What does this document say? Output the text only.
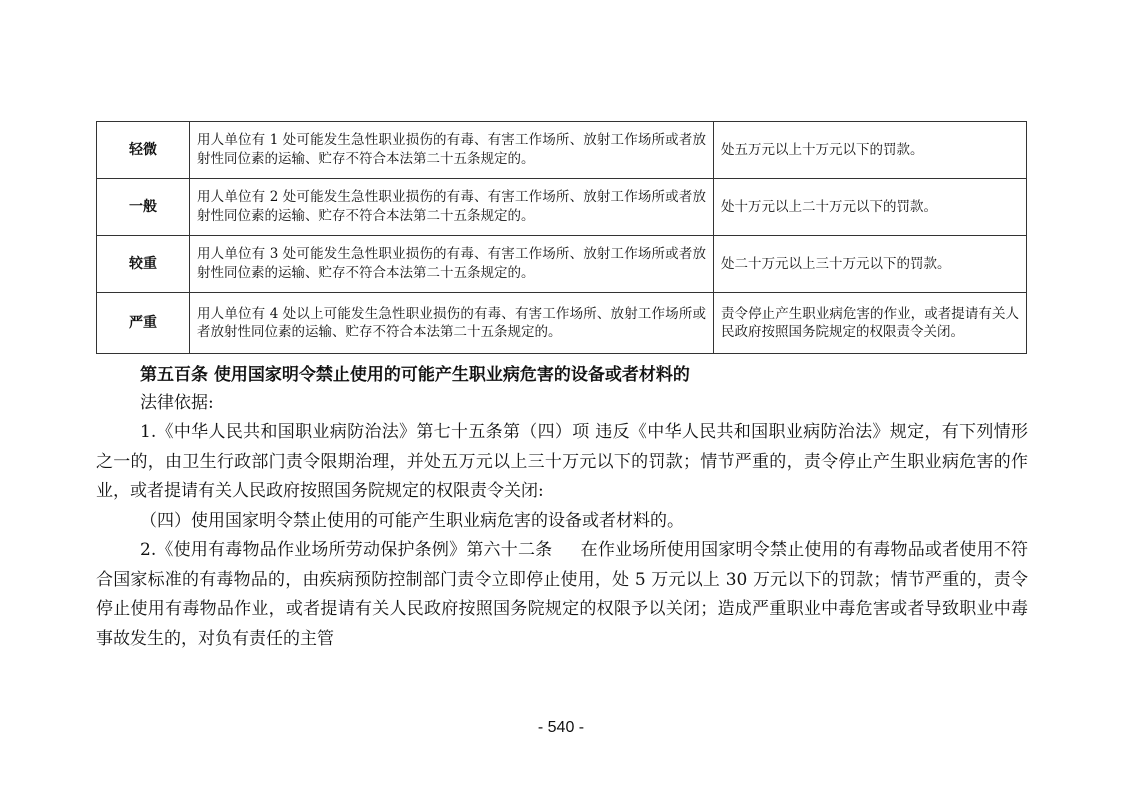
轻微	用人单位有 1 处可能发生急性职业损伤的有毒、有害工作场所、放射工作场所或者放射性同位素的运输、贮存不符合本法第二十五条规定的。	处五万元以上十万元以下的罚款。
一般	用人单位有 2 处可能发生急性职业损伤的有毒、有害工作场所、放射工作场所或者放射性同位素的运输、贮存不符合本法第二十五条规定的。	处十万元以上二十万元以下的罚款。
较重	用人单位有 3 处可能发生急性职业损伤的有毒、有害工作场所、放射工作场所或者放射性同位素的运输、贮存不符合本法第二十五条规定的。	处二十万元以上三十万元以下的罚款。
严重	用人单位有 4 处以上可能发生急性职业损伤的有毒、有害工作场所、放射工作场所或者放射性同位素的运输、贮存不符合本法第二十五条规定的。	责令停止产生职业病危害的作业，或者提请有关人民政府按照国务院规定的权限责令关闭。
第五百条 使用国家明令禁止使用的可能产生职业病危害的设备或者材料的
法律依据:

1.《中华人民共和国职业病防治法》第七十五条第（四）项 违反《中华人民共和国职业病防治法》规定，有下列情形之一的，由卫生行政部门责令限期治理，并处五万元以上三十万元以下的罚款；情节严重的，责令停止产生职业病危害的作业，或者提请有关人民政府按照国务院规定的权限责令关闭:

（四）使用国家明令禁止使用的可能产生职业病危害的设备或者材料的。

2.《使用有毒物品作业场所劳动保护条例》第六十二条 在作业场所使用国家明令禁止使用的有毒物品或者使用不符合国家标准的有毒物品的，由疾病预防控制部门责令立即停止使用，处 5 万元以上 30 万元以下的罚款；情节严重的，责令停止使用有毒物品作业，或者提请有关人民政府按照国务院规定的权限予以关闭；造成严重职业中毒危害或者导致职业中毒事故发生的，对负有责任的主管

- 540 -
